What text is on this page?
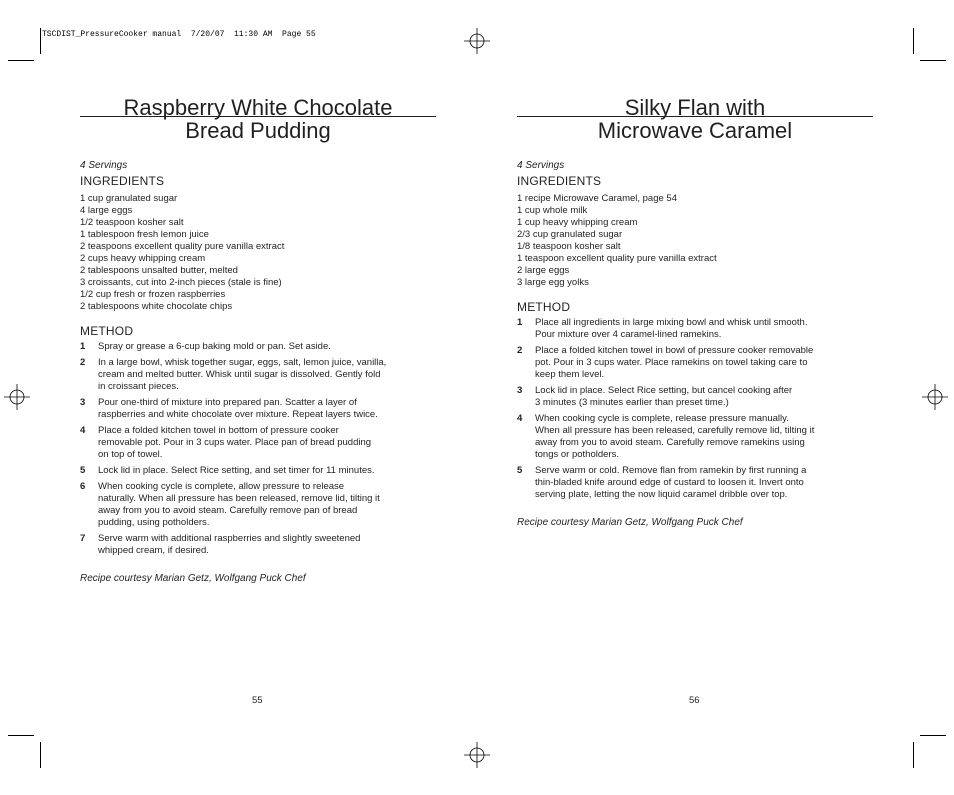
TSCDIST_PressureCooker manual  7/20/07  11:30 AM  Page 55
Raspberry White Chocolate
Bread Pudding
4 Servings
INGREDIENTS
1 cup granulated sugar
4 large eggs
1/2 teaspoon kosher salt
1 tablespoon fresh lemon juice
2 teaspoons excellent quality pure vanilla extract
2 cups heavy whipping cream
2 tablespoons unsalted butter, melted
3 croissants, cut into 2-inch pieces (stale is fine)
1/2 cup fresh or frozen raspberries
2 tablespoons white chocolate chips
METHOD
1	Spray or grease a 6-cup baking mold or pan. Set aside.
2	In a large bowl, whisk together sugar, eggs, salt, lemon juice, vanilla,
cream and melted butter. Whisk until sugar is dissolved. Gently fold
in croissant pieces.
3	Pour one-third of mixture into prepared pan. Scatter a layer of
raspberries and white chocolate over mixture. Repeat layers twice.
4	Place a folded kitchen towel in bottom of pressure cooker
removable pot. Pour in 3 cups water. Place pan of bread pudding
on top of towel.
5	Lock lid in place. Select Rice setting, and set timer for 11 minutes.
6	When cooking cycle is complete, allow pressure to release
naturally. When all pressure has been released, remove lid, tilting it
away from you to avoid steam. Carefully remove pan of bread
pudding, using potholders.
7	Serve warm with additional raspberries and slightly sweetened
whipped cream, if desired.
Recipe courtesy Marian Getz, Wolfgang Puck Chef
55
Silky Flan with
Microwave Caramel
4 Servings
INGREDIENTS
1 recipe Microwave Caramel, page 54
1 cup whole milk
1 cup heavy whipping cream
2/3 cup granulated sugar
1/8 teaspoon kosher salt
1 teaspoon excellent quality pure vanilla extract
2 large eggs
3 large egg yolks
METHOD
1	Place all ingredients in large mixing bowl and whisk until smooth.
Pour mixture over 4 caramel-lined ramekins.
2	Place a folded kitchen towel in bowl of pressure cooker removable
pot. Pour in 3 cups water. Place ramekins on towel taking care to
keep them level.
3	Lock lid in place. Select Rice setting, but cancel cooking after
3 minutes (3 minutes earlier than preset time.)
4	When cooking cycle is complete, release pressure manually.
When all pressure has been released, carefully remove lid, tilting it
away from you to avoid steam. Carefully remove ramekins using
tongs or potholders.
5	Serve warm or cold. Remove flan from ramekin by first running a
thin-bladed knife around edge of custard to loosen it. Invert onto
serving plate, letting the now liquid caramel dribble over top.
Recipe courtesy Marian Getz, Wolfgang Puck Chef
56
